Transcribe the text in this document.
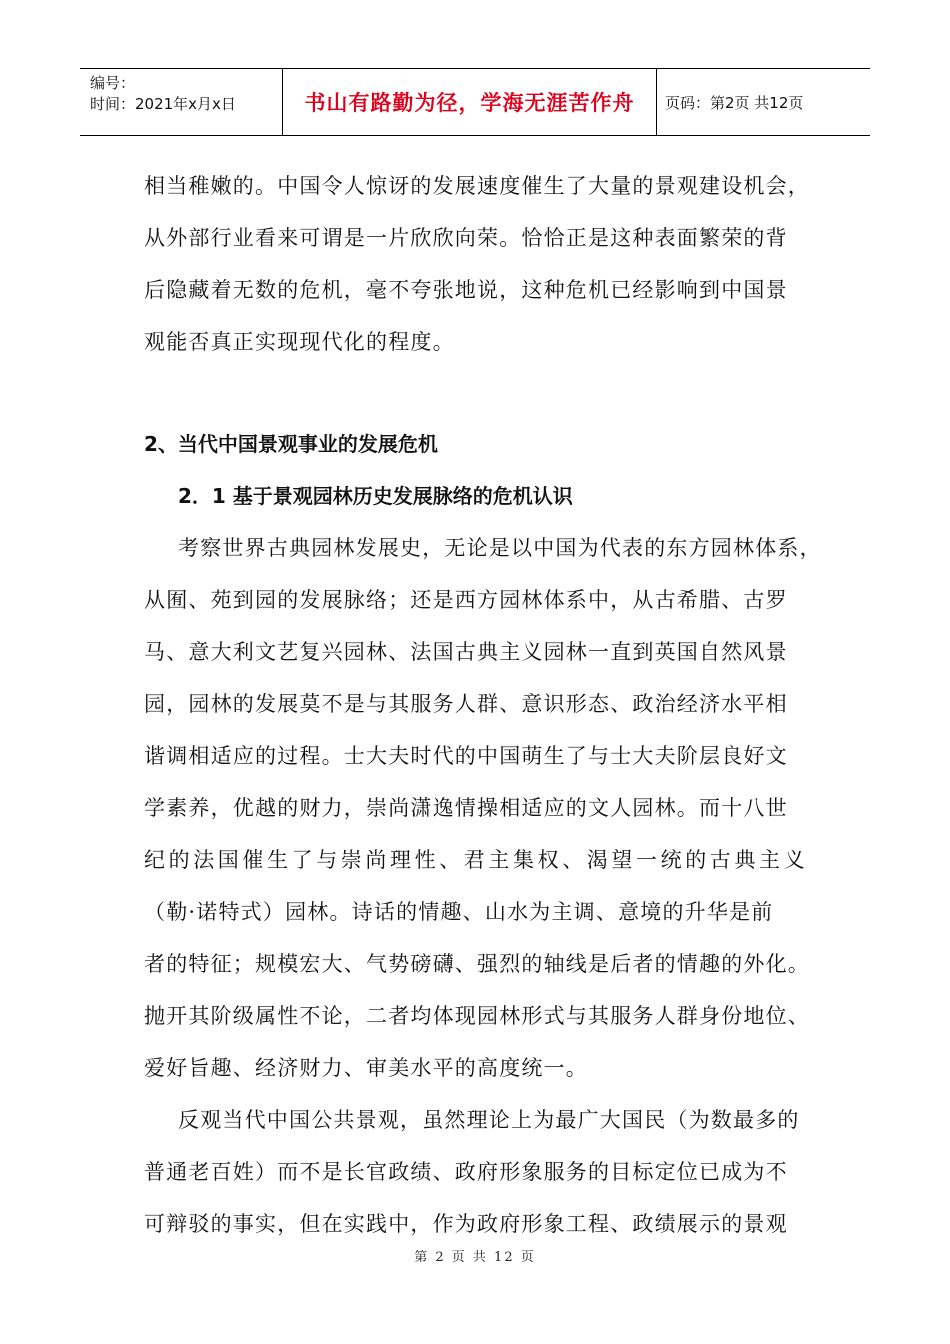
编号：
时间：2021年x月x日	书山有路勤为径，学海无涯苦作舟	页码：第2页 共12页
相当稚嫩的。中国令人惊讶的发展速度催生了大量的景观建设机会，
从外部行业看来可谓是一片欣欣向荣。恰恰正是这种表面繁荣的背
后隐藏着无数的危机，毫不夸张地说，这种危机已经影响到中国景
观能否真正实现现代化的程度。
2、当代中国景观事业的发展危机
2．1 基于景观园林历史发展脉络的危机认识
考察世界古典园林发展史，无论是以中国为代表的东方园林体系，
从囿、苑到园的发展脉络；还是西方园林体系中，从古希腊、古罗
马、意大利文艺复兴园林、法国古典主义园林一直到英国自然风景
园，园林的发展莫不是与其服务人群、意识形态、政治经济水平相
谐调相适应的过程。士大夫时代的中国萌生了与士大夫阶层良好文
学素养，优越的财力，崇尚潇逸情操相适应的文人园林。而十八世
纪的法国催生了与崇尚理性、君主集权、渴望一统的古典主义
（勒·诺特式）园林。诗话的情趣、山水为主调、意境的升华是前
者的特征；规模宏大、气势磅礴、强烈的轴线是后者的情趣的外化。
抛开其阶级属性不论，二者均体现园林形式与其服务人群身份地位、
爱好旨趣、经济财力、审美水平的高度统一。
反观当代中国公共景观，虽然理论上为最广大国民（为数最多的
普通老百姓）而不是长官政绩、政府形象服务的目标定位已成为不
可辩驳的事实，但在实践中，作为政府形象工程、政绩展示的景观
第 2 页 共 12 页
